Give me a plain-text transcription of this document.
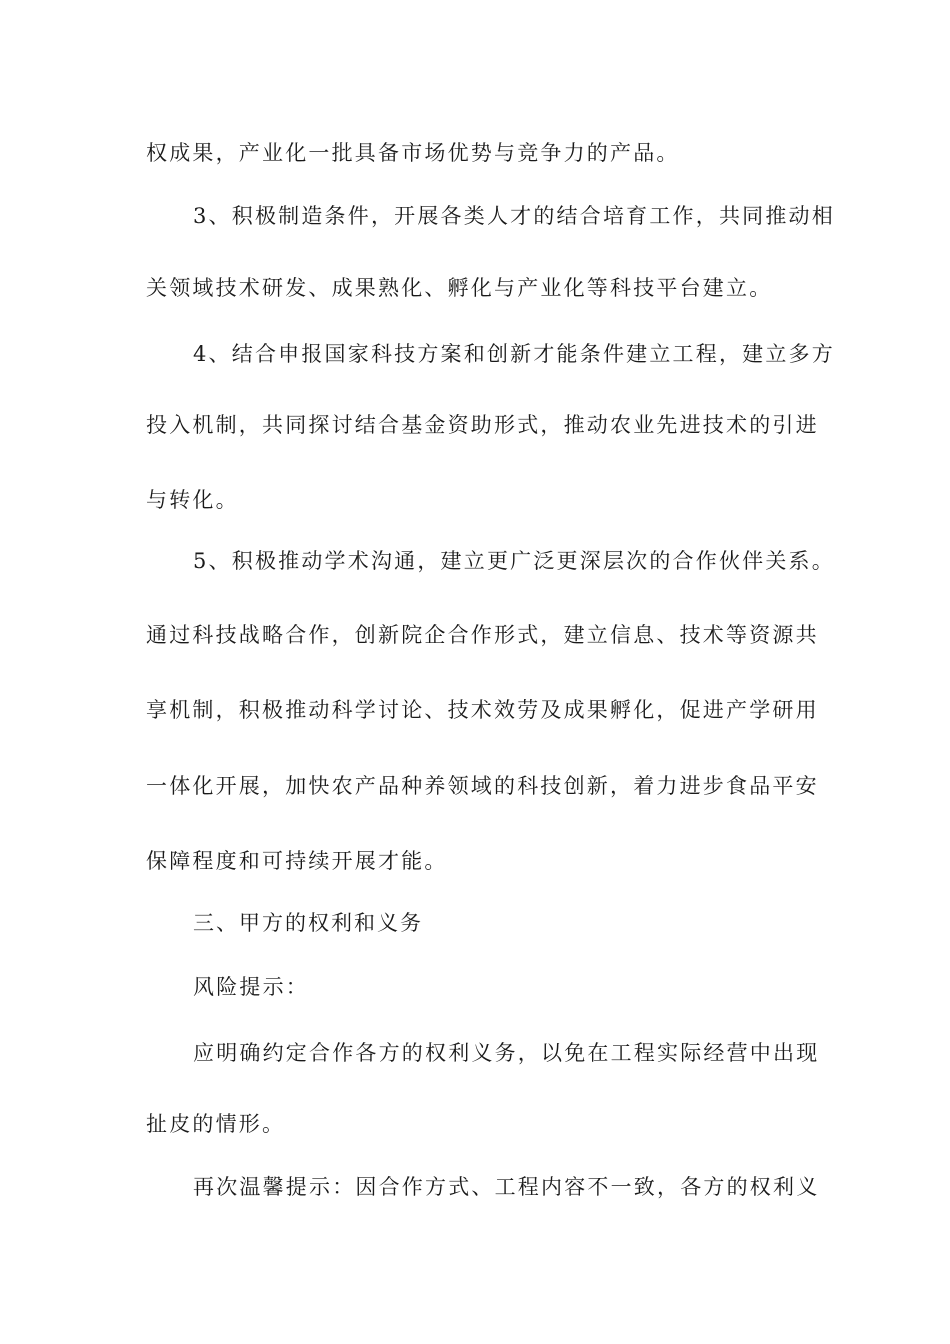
权成果，产业化一批具备市场优势与竞争力的产品。
3、积极制造条件，开展各类人才的结合培育工作，共同推动相
关领域技术研发、成果熟化、孵化与产业化等科技平台建立。
4、结合申报国家科技方案和创新才能条件建立工程，建立多方
投入机制，共同探讨结合基金资助形式，推动农业先进技术的引进
与转化。
5、积极推动学术沟通，建立更广泛更深层次的合作伙伴关系。
通过科技战略合作，创新院企合作形式，建立信息、技术等资源共
享机制，积极推动科学讨论、技术效劳及成果孵化，促进产学研用
一体化开展，加快农产品种养领域的科技创新，着力进步食品平安
保障程度和可持续开展才能。
三、甲方的权利和义务
风险提示：
应明确约定合作各方的权利义务，以免在工程实际经营中出现
扯皮的情形。
再次温馨提示：因合作方式、工程内容不一致，各方的权利义
